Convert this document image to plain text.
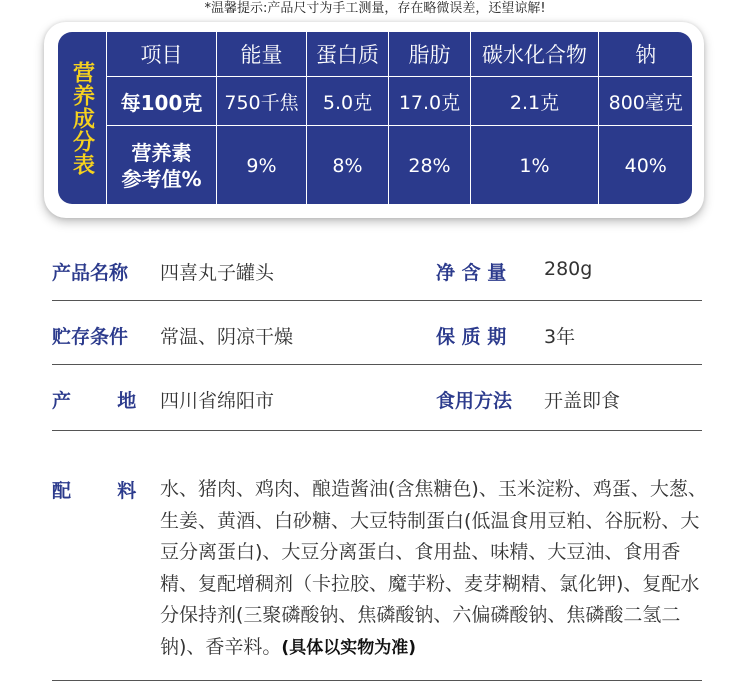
*温馨提示:产品尺寸为手工测量，存在略微误差，还望谅解!
营养成分表
项目	能量	蛋白质	脂肪	碳水化合物	钠
每100克	750千焦	5.0克	17.0克	2.1克	800毫克

营养素
参考值%	9%	8%	28%	1%	40%
产品名称 四喜丸子罐头	净 含 量 280g
贮存条件 常温、阴凉干燥	保 质 期 3年
产       地 四川省绵阳市	食用方法 开盖即食
配       料 水、猪肉、鸡肉、酿造酱油(含焦糖色)、玉米淀粉、鸡蛋、大葱、生姜、黄酒、白砂糖、大豆特制蛋白(低温食用豆粕、谷朊粉、大豆分离蛋白)、大豆分离蛋白、食用盐、味精、大豆油、食用香精、复配增稠剂（卡拉胶、魔芋粉、麦芽糊精、氯化钾)、复配水分保持剂(三聚磷酸钠、焦磷酸钠、六偏磷酸钠、焦磷酸二氢二钠)、香辛料。(具体以实物为准)
